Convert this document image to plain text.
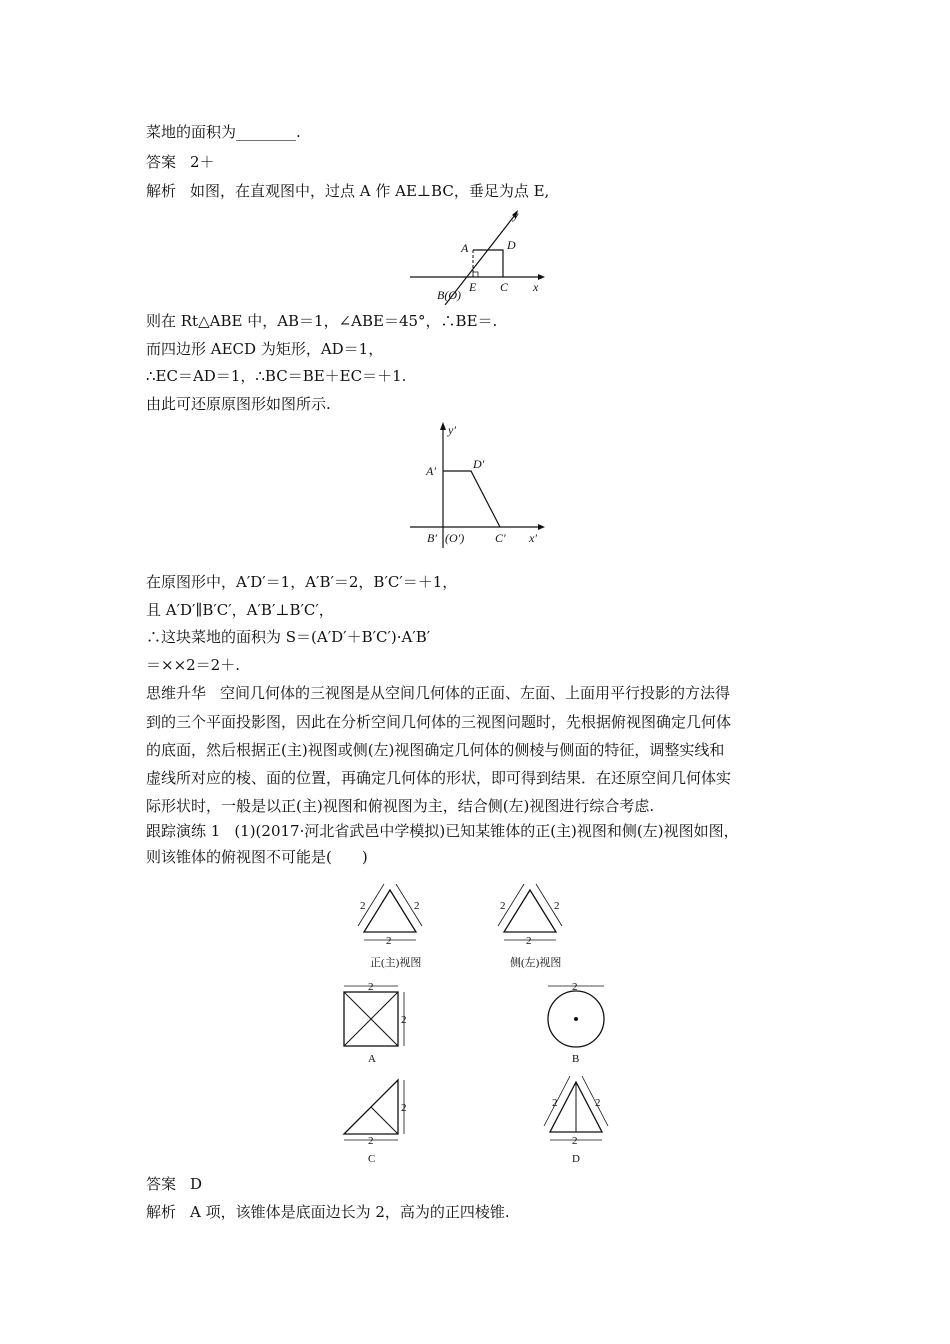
菜地的面积为________.
答案 2＋
解析 如图，在直观图中，过点 A 作 AE⊥BC，垂足为点 E,
A	D
E C
B(O)
x
y
则在 Rt△ABE 中，AB＝1，∠ABE＝45°，∴BE＝.
而四边形 AECD 为矩形，AD＝1，
∴EC＝AD＝1，∴BC＝BE＋EC＝＋1.
由此可还原原图形如图所示.
y′
A′	D′
B′ (O′)	C′ x′
在原图形中，A′D′＝1，A′B′＝2，B′C′＝＋1，
且 A′D′∥B′C′，A′B′⊥B′C′，
∴这块菜地的面积为 S＝(A′D′＋B′C′)·A′B′
＝××2＝2＋.
思维升华 空间几何体的三视图是从空间几何体的正面、左面、上面用平行投影的方法得
到的三个平面投影图，因此在分析空间几何体的三视图问题时，先根据俯视图确定几何体
的底面，然后根据正(主)视图或侧(左)视图确定几何体的侧棱与侧面的特征，调整实线和
虚线所对应的棱、面的位置，再确定几何体的形状，即可得到结果．在还原空间几何体实
际形状时，一般是以正(主)视图和俯视图为主，结合侧(左)视图进行综合考虑.
跟踪演练 1 (1)(2017·河北省武邑中学模拟)已知某锥体的正(主)视图和侧(左)视图如图，
则该锥体的俯视图不可能是(　　)
2	2
2
正(主)视图
2	2
2
侧(左)视图
2
2
A
2
B
2
2
C
2	2
2
D
答案 D
解析 A 项，该锥体是底面边长为 2，高为的正四棱锥.
